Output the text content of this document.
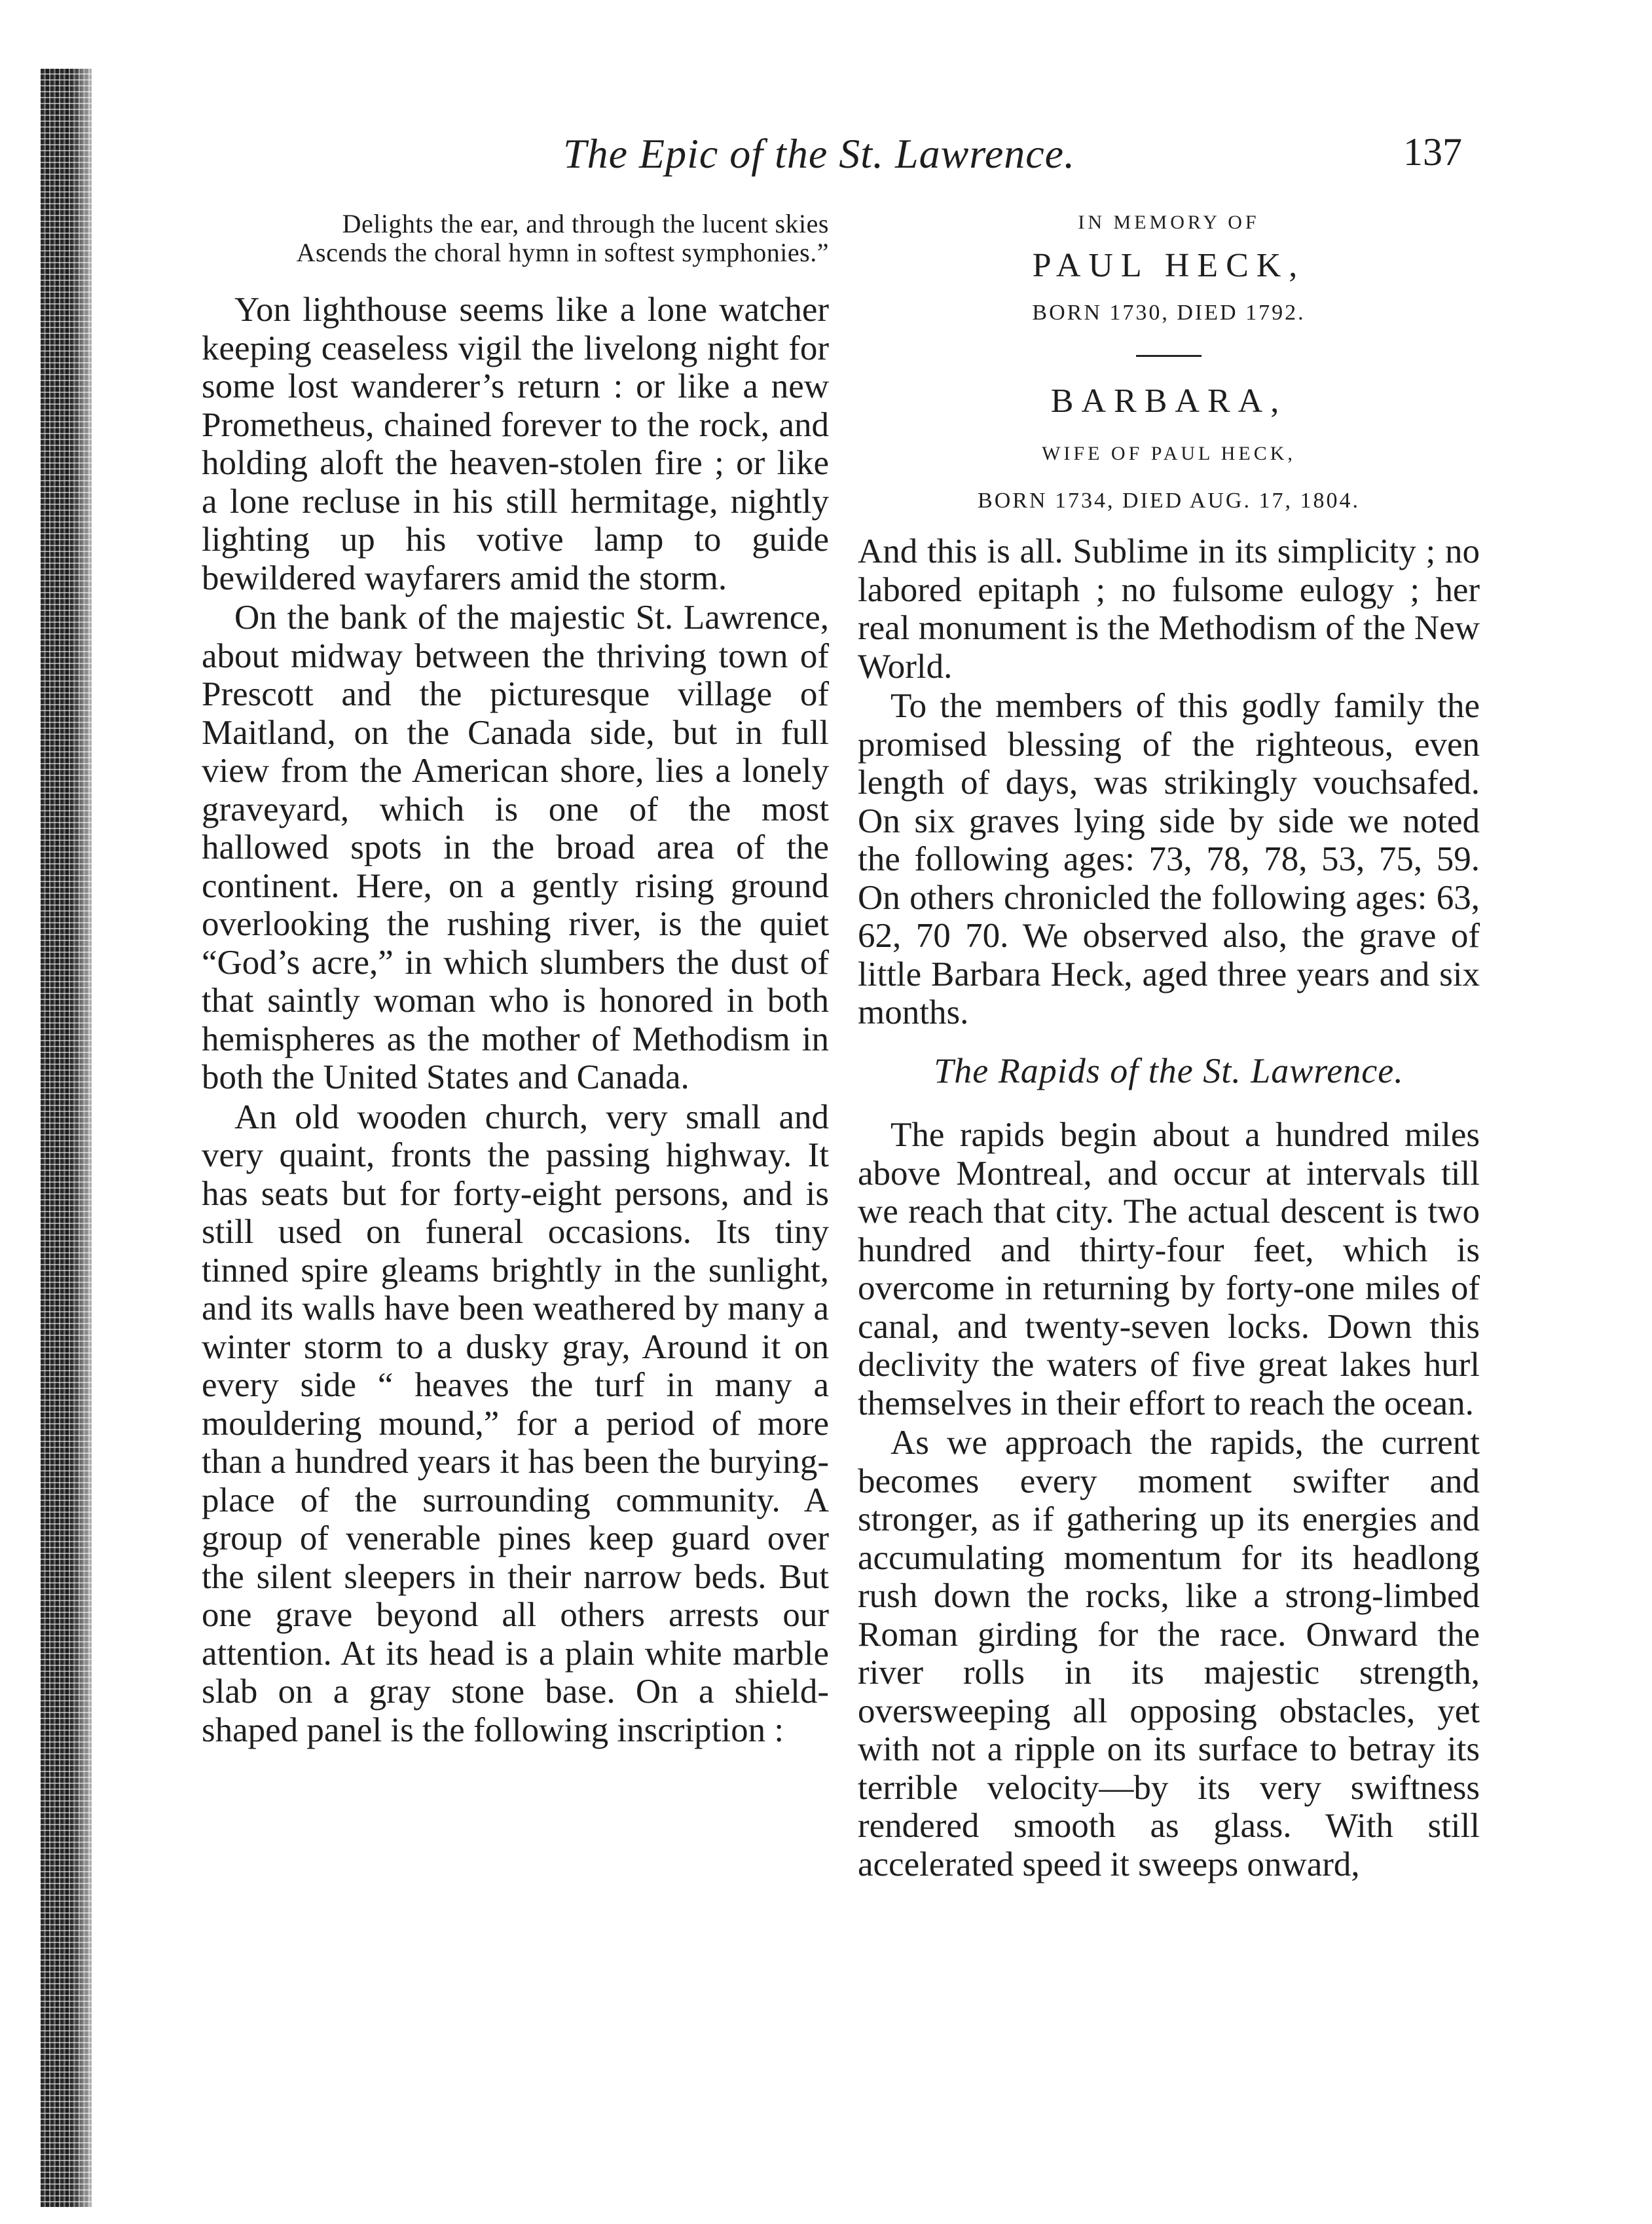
The Epic of the St. Lawrence.	137
Delights the ear, and through the lucent skies
Ascends the choral hymn in softest symphonies.”

Yon lighthouse seems like a lone watcher keeping ceaseless vigil the livelong night for some lost wanderer’s return : or like a new Prometheus, chained forever to the rock, and holding aloft the heaven-stolen fire ; or like a lone recluse in his still hermitage, nightly lighting up his votive lamp to guide bewildered wayfarers amid the storm.

On the bank of the majestic St. Lawrence, about midway between the thriving town of Prescott and the picturesque village of Maitland, on the Canada side, but in full view from the American shore, lies a lonely graveyard, which is one of the most hallowed spots in the broad area of the continent. Here, on a gently rising ground overlooking the rushing river, is the quiet “God’s acre,” in which slumbers the dust of that saintly woman who is honored in both hemispheres as the mother of Methodism in both the United States and Canada.

An old wooden church, very small and very quaint, fronts the passing highway. It has seats but for forty-eight persons, and is still used on funeral occasions. Its tiny tinned spire gleams brightly in the sunlight, and its walls have been weathered by many a winter storm to a dusky gray, Around it on every side “ heaves the turf in many a mouldering mound,” for a period of more than a hundred years it has been the burying-place of the surrounding community. A group of venerable pines keep guard over the silent sleepers in their narrow beds. But one grave beyond all others arrests our attention. At its head is a plain white marble slab on a gray stone base. On a shield-shaped panel is the following inscription :

IN MEMORY OF
PAUL HECK,
BORN 1730, DIED 1792.
BARBARA,
WIFE OF PAUL HECK,
BORN 1734, DIED AUG. 17, 1804.

And this is all. Sublime in its simplicity ; no labored epitaph ; no fulsome eulogy ; her real monument is the Methodism of the New World.

To the members of this godly family the promised blessing of the righteous, even length of days, was strikingly vouchsafed. On six graves lying side by side we noted the following ages: 73, 78, 78, 53, 75, 59. On others chronicled the following ages: 63, 62, 70 70. We observed also, the grave of little Barbara Heck, aged three years and six months.

The Rapids of the St. Lawrence.

The rapids begin about a hundred miles above Montreal, and occur at intervals till we reach that city. The actual descent is two hundred and thirty-four feet, which is overcome in returning by forty-one miles of canal, and twenty-seven locks. Down this declivity the waters of five great lakes hurl themselves in their effort to reach the ocean.

As we approach the rapids, the current becomes every moment swifter and stronger, as if gathering up its energies and accumulating momentum for its headlong rush down the rocks, like a strong-limbed Roman girding for the race. Onward the river rolls in its majestic strength, oversweeping all opposing obstacles, yet with not a ripple on its surface to betray its terrible velocity—by its very swiftness rendered smooth as glass. With still accelerated speed it sweeps onward,
